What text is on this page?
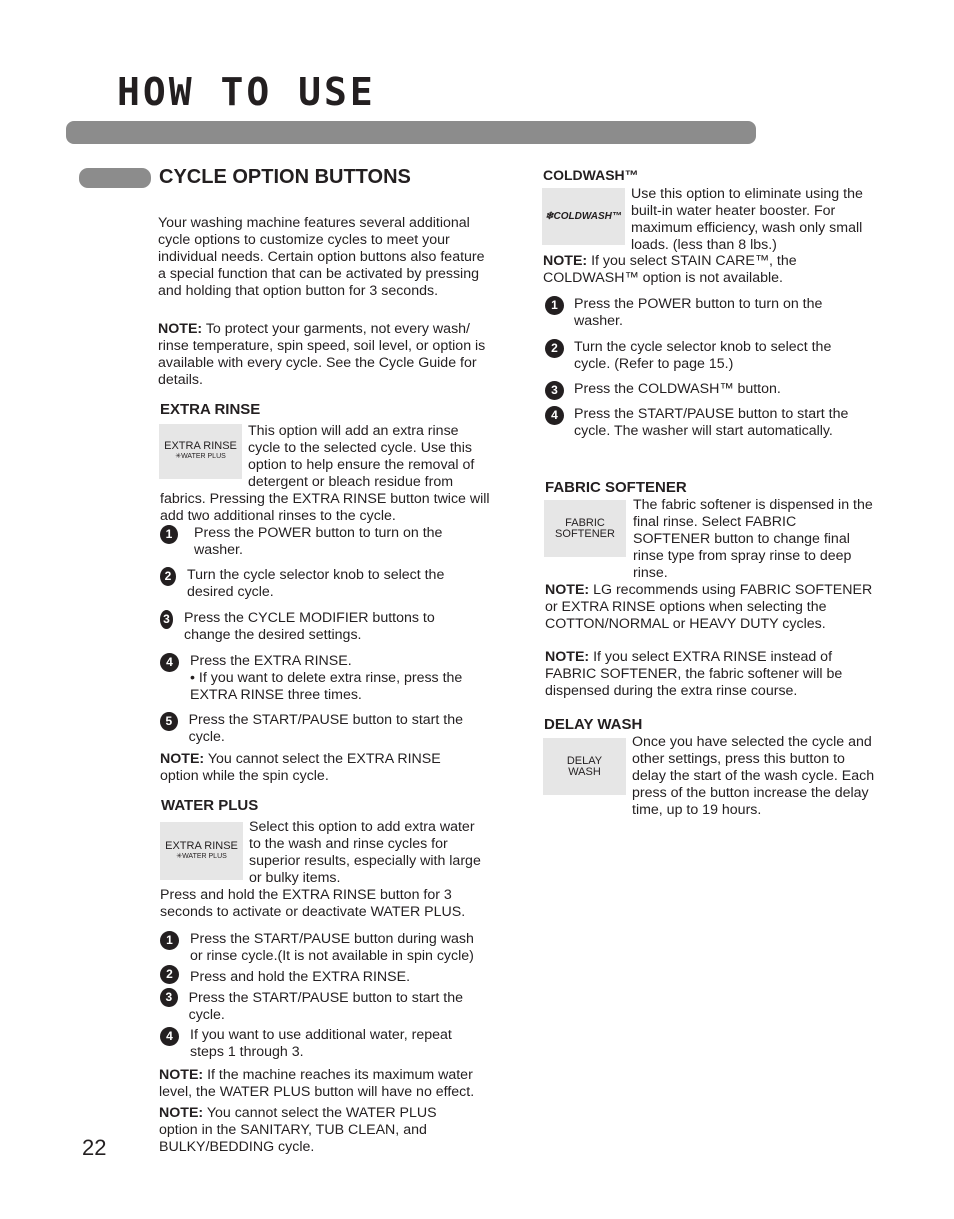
HOW TO USE
CYCLE OPTION BUTTONS
Your washing machine features several additional cycle options to customize cycles to meet your individual needs. Certain option buttons also feature a special function that can be activated by pressing and holding that option button for 3 seconds.
NOTE: To protect your garments, not every wash/ rinse temperature, spin speed, soil level, or option is available with every cycle. See the Cycle Guide for details.
EXTRA RINSE
EXTRA RINSE
✳WATER PLUS
This option will add an extra rinse cycle to the selected cycle. Use this option to help ensure the removal of detergent or bleach residue from
fabrics. Pressing the EXTRA RINSE button twice will add two additional rinses to the cycle.
1	Press the POWER button to turn on the washer.
2	Turn the cycle selector knob to select the desired cycle.
3 Press the CYCLE MODIFIER buttons to change the desired settings.
4	Press the EXTRA RINSE.
• If you want to delete extra rinse, press the EXTRA RINSE three times.
5	Press the START/PAUSE button to start the cycle.
NOTE: You cannot select the EXTRA RINSE option while the spin cycle.
WATER PLUS
EXTRA RINSE
✳WATER PLUS
Select this option to add extra water to the wash and rinse cycles for superior results, especially with large or bulky items.
Press and hold the EXTRA RINSE button for 3 seconds to activate or deactivate WATER PLUS.
1	Press the START/PAUSE button during wash or rinse cycle.(It is not available in spin cycle)
2	Press and hold the EXTRA RINSE.
3	Press the START/PAUSE button to start the cycle.
4	If you want to use additional water, repeat steps 1 through 3.
NOTE: If the machine reaches its maximum water level, the WATER PLUS button will have no effect.
NOTE: You cannot select the WATER PLUS option in the SANITARY, TUB CLEAN, and BULKY/BEDDING cycle.
COLDWASH™
❄COLDWASH™
Use this option to eliminate using the built-in water heater booster. For maximum efficiency, wash only small loads. (less than 8 lbs.)
NOTE: If you select STAIN CARE™, the COLDWASH™ option is not available.
1	Press the POWER button to turn on the washer.
2	Turn the cycle selector knob to select the cycle. (Refer to page 15.)
3	Press the COLDWASH™ button.
4	Press the START/PAUSE button to start the cycle. The washer will start automatically.
FABRIC SOFTENER
FABRIC
SOFTENER
The fabric softener is dispensed in the final rinse. Select FABRIC SOFTENER button to change final rinse type from spray rinse to deep rinse.
NOTE: LG recommends using FABRIC SOFTENER or EXTRA RINSE options when selecting the COTTON/NORMAL or HEAVY DUTY cycles.
NOTE: If you select EXTRA RINSE instead of FABRIC SOFTENER, the fabric softener will be dispensed during the extra rinse course.
DELAY WASH
DELAY
WASH
Once you have selected the cycle and other settings, press this button to delay the start of the wash cycle. Each press of the button increase the delay time, up to 19 hours.
22
